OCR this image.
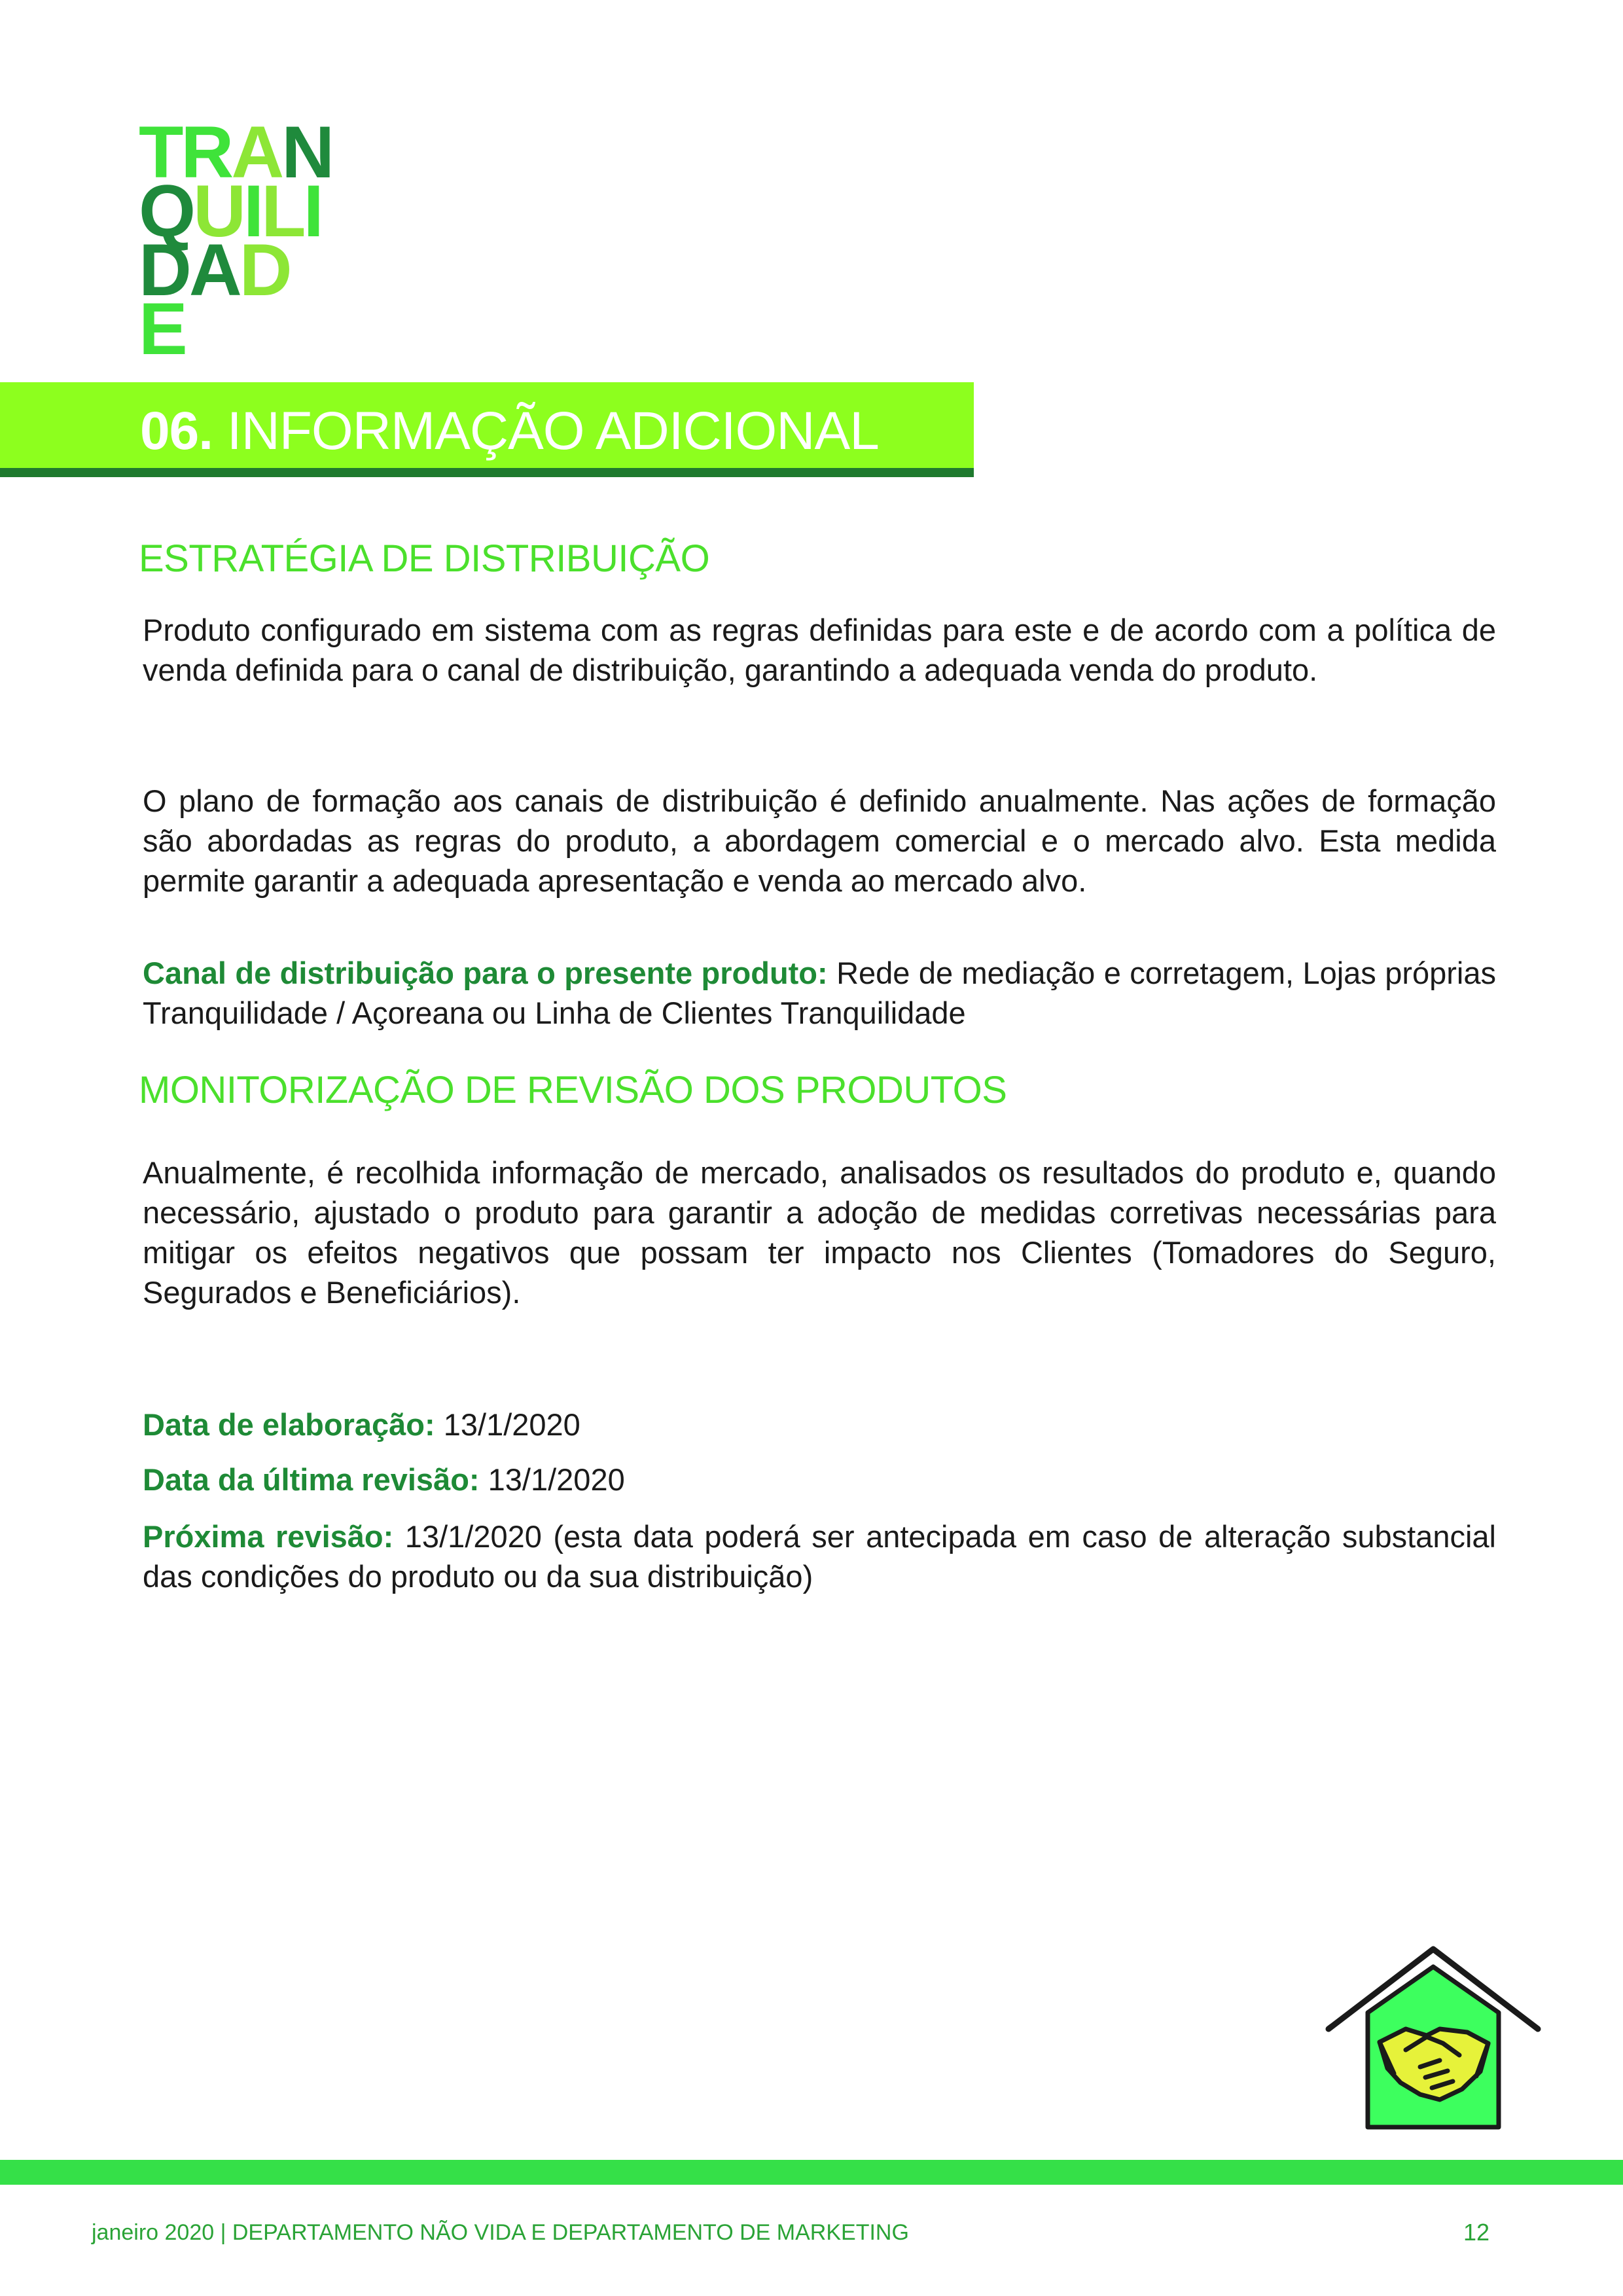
TRAN
QUILI
DADE
06. INFORMAÇÃO ADICIONAL
ESTRATÉGIA DE DISTRIBUIÇÃO
Produto configurado em sistema com as regras definidas para este e de acordo com a política de venda definida para o canal de distribuição, garantindo a adequada venda do produto.
O plano de formação aos canais de distribuição é definido anualmente. Nas ações de formação são abordadas as regras do produto, a abordagem comercial e o mercado alvo. Esta medida permite garantir a adequada apresentação e venda ao mercado alvo.
Canal de distribuição para o presente produto: Rede de mediação e corretagem, Lojas próprias Tranquilidade / Açoreana ou Linha de Clientes Tranquilidade
MONITORIZAÇÃO DE REVISÃO DOS PRODUTOS
Anualmente, é recolhida informação de mercado, analisados os resultados do produto e, quando necessário, ajustado o produto para garantir a adoção de medidas corretivas necessárias para mitigar os efeitos negativos que possam ter impacto nos Clientes (Tomadores do Seguro, Segurados e Beneficiários).
Data de elaboração: 13/1/2020
Data da última revisão: 13/1/2020
Próxima revisão: 13/1/2020 (esta data poderá ser antecipada em caso de alteração substancial das condições do produto ou da sua distribuição)
janeiro 2020 | DEPARTAMENTO NÃO VIDA E DEPARTAMENTO DE MARKETING	12
